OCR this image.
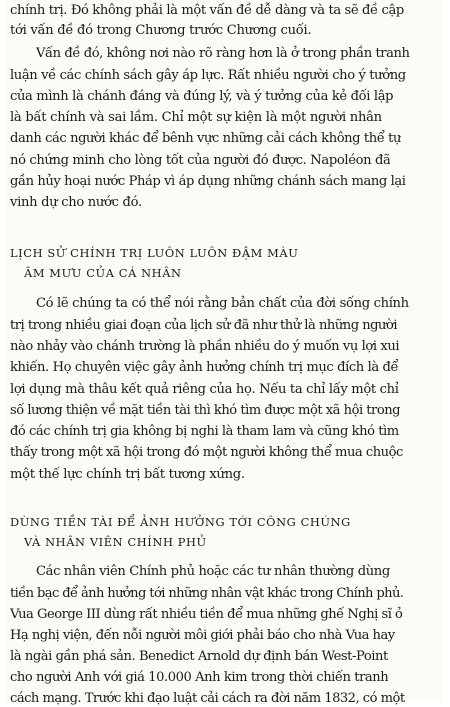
chính trị. Đó không phải là một vấn đề dễ dàng và ta sẽ đề cập
tới vấn đề đó trong Chương trước Chương cuối.
Vấn đề đó, không nơi nào rõ ràng hơn là ở trong phần tranh
luận về các chính sách gây áp lực. Rất nhiều người cho ý tưởng
của mình là chánh đáng và đúng lý, và ý tưởng của kẻ đối lập
là bất chính và sai lầm. Chỉ một sự kiện là một người nhân
danh các người khác để bênh vực những cải cách không thể tự
nó chứng minh cho lòng tốt của người đó được. Napoléon đã
gần hủy hoại nước Pháp vì áp dụng những chánh sách mang lại
vinh dự cho nước đó.
LỊCH SỬ CHÍNH TRỊ LUÔN LUÔN ĐẬM MÀU
ÂM MƯU CỦA CÁ NHÂN
Có lẽ chúng ta có thể nói rằng bản chất của đời sống chính
trị trong nhiều giai đoạn của lịch sử đã như thử là những người
nào nhảy vào chánh trường là phần nhiều do ý muốn vụ lợi xui
khiến. Họ chuyên việc gây ảnh hưởng chính trị mục đích là để
lợi dụng mà thâu kết quả riêng của họ. Nếu ta chỉ lấy một chỉ
số lương thiện về mặt tiền tài thì khó tìm được một xã hội trong
đó các chính trị gia không bị nghi là tham lam và cũng khó tìm
thấy trong một xã hội trong đó một người không thể mua chuộc
một thế lực chính trị bất tương xứng.
DÙNG TIỀN TÀI ĐỂ ẢNH HƯỞNG TỚI CÔNG CHÚNG
VÀ NHÂN VIÊN CHÍNH PHỦ
Các nhân viên Chính phủ hoặc các tư nhân thường dùng
tiền bạc để ảnh hưởng tới những nhân vật khác trong Chính phủ.
Vua George III dùng rất nhiều tiền để mua những ghế Nghị sĩ ở
Hạ nghị viện, đến nỗi người môi giới phải báo cho nhà Vua hay
là ngài gần phá sản. Benedict Arnold dự định bán West-Point
cho người Anh với giá 10.000 Anh kim trong thời chiến tranh
cách mạng. Trước khi đạo luật cải cách ra đời năm 1832, có một
